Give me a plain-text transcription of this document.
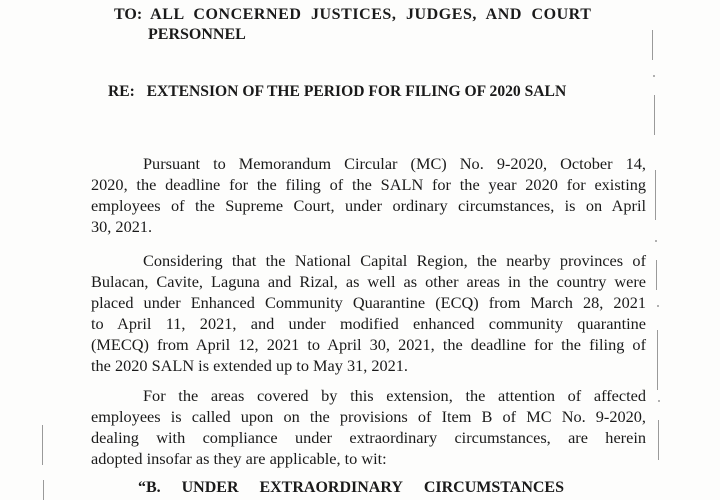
TO: ALL CONCERNED JUSTICES, JUDGES, AND COURT
PERSONNEL
RE: EXTENSION OF THE PERIOD FOR FILING OF 2020 SALN
Pursuant to Memorandum Circular (MC) No. 9-2020, October 14,
2020, the deadline for the filing of the SALN for the year 2020 for existing
employees of the Supreme Court, under ordinary circumstances, is on April
30, 2021.
Considering that the National Capital Region, the nearby provinces of
Bulacan, Cavite, Laguna and Rizal, as well as other areas in the country were
placed under Enhanced Community Quarantine (ECQ) from March 28, 2021
to April 11, 2021, and under modified enhanced community quarantine
(MECQ) from April 12, 2021 to April 30, 2021, the deadline for the filing of
the 2020 SALN is extended up to May 31, 2021.
For the areas covered by this extension, the attention of affected
employees is called upon on the provisions of Item B of MC No. 9-2020,
dealing with compliance under extraordinary circumstances, are herein
adopted insofar as they are applicable, to wit:
“B. UNDER EXTRAORDINARY CIRCUMSTANCES
